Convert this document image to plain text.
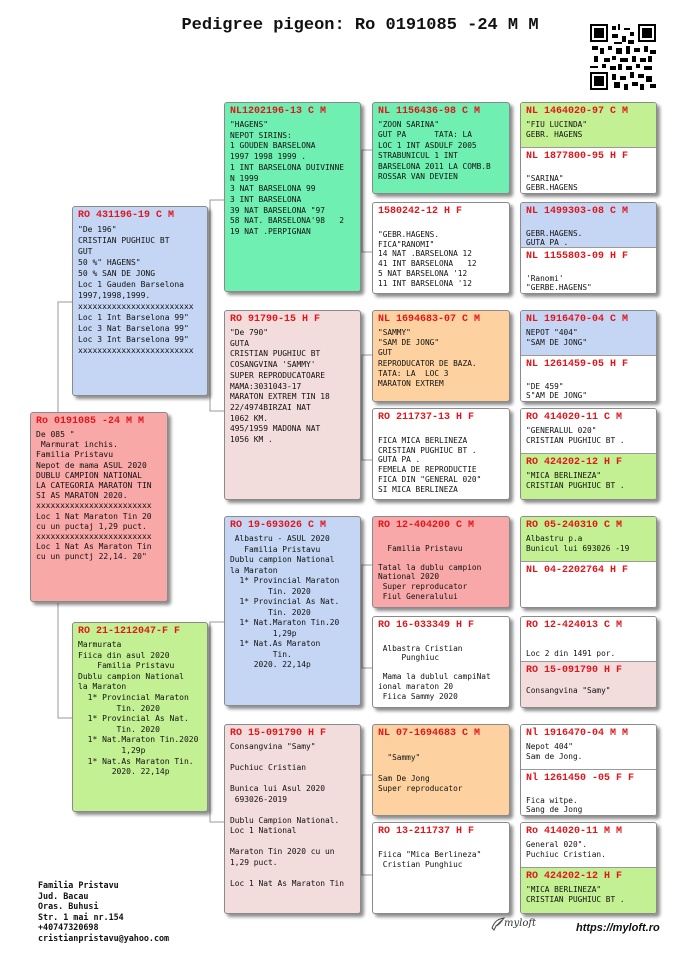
Pedigree pigeon: Ro 0191085 -24 M M
Ro 0191085 -24 M M
De 085 "
Marmurat inchis.
Familia Pristavu
Nepot de mama ASUL 2020
DUBLU CAMPION NATIONAL
LA CATEGORIA MARATON TIN
SI AS MARATON 2020.
xxxxxxxxxxxxxxxxxxxxxxxx
Loc 1 Nat Maraton Tin 20
cu un puctaj 1,29 puct.
xxxxxxxxxxxxxxxxxxxxxxxx
Loc 1 Nat As Maraton Tin
cu un punctj 22,14. 20"
RO 431196-19 C M
"De 196"
CRISTIAN PUGHIUC BT
GUT
50 %" HAGENS"
50 % SAN DE JONG
Loc 1 Gauden Barselona
1997,1998,1999.
xxxxxxxxxxxxxxxxxxxxxxxx
Loc 1 Int Barselona 99"
Loc 3 Nat Barselona 99"
Loc 3 Int Barselona 99"
xxxxxxxxxxxxxxxxxxxxxxxx
RO 21-1212047-F F
Marmurata
Fiica din asul 2020
Familia Pristavu
Dublu campion National
la Maraton
1* Provincial Maraton
Tin. 2020
1* Provincial As Nat.
Tin. 2020
1* Nat.Maraton Tin.2020
1,29p
1* Nat.As Maraton Tin.
2020. 22,14p
NL1202196-13 C M
"HAGENS"
NEPOT SIRINS:
1 GOUDEN BARSELONA
1997 1998 1999 .
1 INT BARSELONA DUIVINNE
N 1999
3 NAT BARSELONA 99
3 INT BARSELONA
39 NAT BARSELONA "97
58 NAT. BARSELONA'98   2
19 NAT .PERPIGNAN
RO 91790-15 H F
"De 790"
GUTA
CRISTIAN PUGHIUC BT
COSANGVINA 'SAMMY'
SUPER REPRODUCATOARE
MAMA:3031043-17
MARATON EXTREM TIN 18
22/4974BIRZAI NAT
1062 KM.
495/1959 MADONA NAT
1056 KM .
RO 19-693026 C M
Albastru - ASUL 2020
Familia Pristavu
Dublu campion National
la Maraton
1* Provincial Maraton
Tin. 2020
1* Provincial As Nat.
Tin. 2020
1* Nat.Maraton Tin.20
1,29p
1* Nat.As Maraton
Tin.
2020. 22,14p
RO 15-091790 H F
Consangvina "Samy"

Puchiuc Cristian

Bunica lui Asul 2020
693026-2019

Dublu Campion National.
Loc 1 National

Maraton Tin 2020 cu un
1,29 puct.

Loc 1 Nat As Maraton Tin
NL 1156436-98 C M
"ZOON SARINA"
GUT PA      TATA: LA
LOC 1 INT ASDULF 2005
STRABUNICUL 1 INT
BARSELONA 2011 LA COMB.B
ROSSAR VAN DEVIEN
1580242-12 H F

"GEBR.HAGENS.
FICA"RANOMI"
14 NAT .BARSELONA 12
41 INT BARSELONA   12
5 NAT BARSELONA '12
11 INT BARSELONA '12
NL 1694683-07 C M
"SAMMY"
"SAM DE JONG"
GUT
REPRODUCATOR DE BAZA.
TATA: LA  LOC 3
MARATON EXTREM
RO 211737-13 H F

FICA MICA BERLINEZA
CRISTIAN PUGHIUC BT .
GUTA PA .
FEMELA DE REPRODUCTIE
FICA DIN "GENERAL 020"
SI MICA BERLINEZA
RO 12-404200 C M

Familia Pristavu

Tatal la dublu campion
National 2020
Super reproducator
Fiul Generalului
RO 16-033349 H F

Albastra Cristian
Punghiuc

Mama la dublul campiNat
ional maraton 20
Fiica Sammy 2020
NL 07-1694683 C M

"Sammy"

Sam De Jong
Super reproducator
RO 13-211737 H F

Fiica "Mica Berlineza"
Cristian Punghiuc
NL 1464020-97 C M
"FIU LUCINDA"
GEBR. HAGENS
NL 1877800-95 H F

"SARINA"
GEBR.HAGENS
NL 1499303-08 C M

GEBR.HAGENS.
GUTA PA .
NL 1155803-09 H F

'Ranomi'
"GERBE.HAGENS"
NL 1916470-04 C M
NEPOT "404"
"SAM DE JONG"
NL 1261459-05 H F

"DE 459"
S"AM DE JONG"
RO 414020-11 C M
"GENERALUL 020"
CRISTIAN PUGHIUC BT .
RO 424202-12 H F
"MICA BERLINEZA"
CRISTIAN PUGHIUC BT .
RO 05-240310 C M
Albastru p.a
Bunicul lui 693026 -19
NL 04-2202764 H F
RO 12-424013 C M

Loc 2 din 1491 por.
RO 15-091790 H F

Consangvina "Samy"
Nl 1916470-04 M M
Nepot 404"
Sam de Jong.
Nl 1261450 -05 F F

Fica witpe.
Sang de Jong
Ro 414020-11 M M
General 020".
Puchiuc Cristian.
RO 424202-12 H F
"MICA BERLINEZA"
CRISTIAN PUGHIUC BT .
Familia Pristavu
Jud. Bacau
Oras. Buhusi
Str. 1 mai nr.154
+40747320698
cristianpristavu@yahoo.com
myloft	https://myloft.ro
